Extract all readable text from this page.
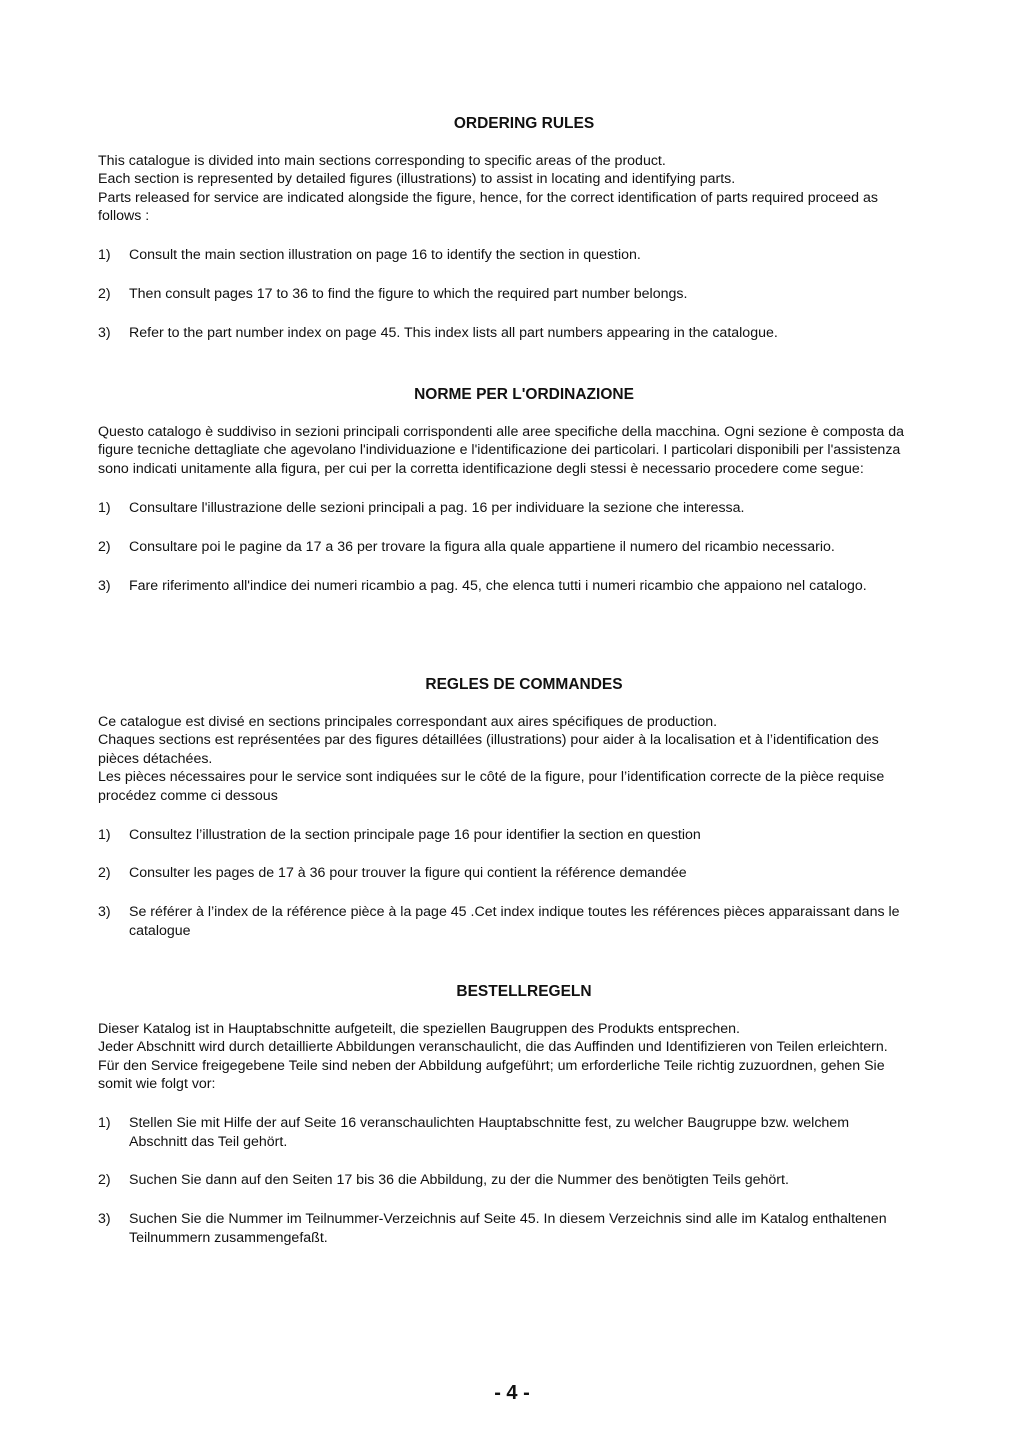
ORDERING RULES

This catalogue is divided into main sections corresponding to specific areas of the product.

Each section is represented by detailed figures (illustrations) to assist in locating and identifying parts.

Parts released for service are indicated alongside the figure, hence, for the correct identification of parts required proceed as follows :

1)	Consult the main section illustration on page 16 to identify the section in question.
2)	Then consult pages 17 to 36 to find the figure to which the required part number belongs.
3)	Refer to the part number index on page 45. This index lists all part numbers appearing in the catalogue.
NORME PER L'ORDINAZIONE

Questo catalogo è suddiviso in sezioni principali corrispondenti alle aree specifiche della macchina. Ogni sezione è composta da figure tecniche dettagliate che agevolano l'individuazione e l'identificazione dei particolari. I particolari disponibili per l'assistenza sono indicati unitamente alla figura, per cui per la corretta identificazione degli stessi è necessario procedere come segue:

1)	Consultare l'illustrazione delle sezioni principali a pag. 16 per individuare la sezione che interessa.
2)	Consultare poi le pagine da 17 a 36 per trovare la figura alla quale appartiene il numero del ricambio necessario.
3)	Fare riferimento all'indice dei numeri ricambio a pag. 45, che elenca tutti i numeri ricambio che appaiono nel catalogo.
REGLES DE COMMANDES

Ce catalogue est divisé en sections principales correspondant aux aires spécifiques de production.

Chaques sections est représentées par des figures détaillées (illustrations) pour aider à la localisation et à l’identification des pièces détachées.

Les pièces nécessaires pour le service sont indiquées sur le côté de la figure, pour l’identification correcte de la pièce requise procédez comme ci dessous

1)	Consultez l’illustration de la section principale page 16 pour identifier la section en question
2)	Consulter les pages de 17 à 36 pour trouver la figure qui contient la référence demandée
3)	Se référer à l’index de la référence pièce à la page 45 .Cet index indique toutes les références pièces apparaissant dans le catalogue
BESTELLREGELN

Dieser Katalog ist in Hauptabschnitte aufgeteilt, die speziellen Baugruppen des Produkts entsprechen.

Jeder Abschnitt wird durch detaillierte Abbildungen veranschaulicht, die das Auffinden und Identifizieren von Teilen erleichtern.

Für den Service freigegebene Teile sind neben der Abbildung aufgeführt; um erforderliche Teile richtig zuzuordnen, gehen Sie somit wie folgt vor:

1)	Stellen Sie mit Hilfe der auf Seite 16 veranschaulichten Hauptabschnitte fest, zu welcher Baugruppe bzw. welchem Abschnitt das Teil gehört.
2)	Suchen Sie dann auf den Seiten 17 bis 36 die Abbildung, zu der die Nummer des benötigten Teils gehört.
3)	Suchen Sie die Nummer im Teilnummer-Verzeichnis auf Seite 45. In diesem Verzeichnis sind alle im Katalog enthaltenen Teilnummern zusammengefaßt.
- 4 -
